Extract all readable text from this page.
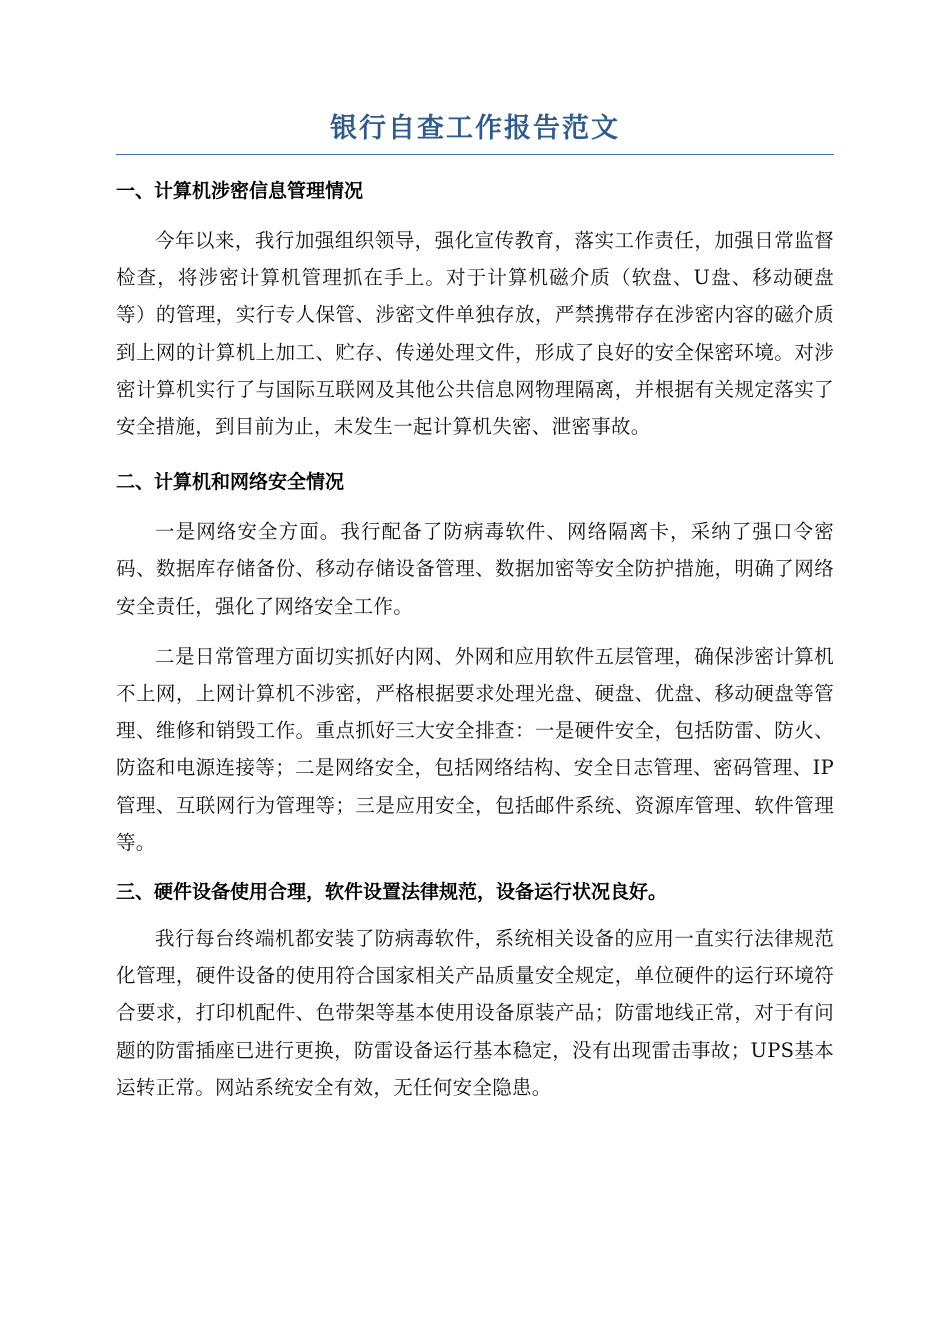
银行自查工作报告范文
一、计算机涉密信息管理情况

今年以来，我行加强组织领导，强化宣传教育，落实工作责任，加强日常监督检查，将涉密计算机管理抓在手上。对于计算机磁介质（软盘、U盘、移动硬盘等）的管理，实行专人保管、涉密文件单独存放，严禁携带存在涉密内容的磁介质到上网的计算机上加工、贮存、传递处理文件，形成了良好的安全保密环境。对涉密计算机实行了与国际互联网及其他公共信息网物理隔离，并根据有关规定落实了安全措施，到目前为止，未发生一起计算机失密、泄密事故。

二、计算机和网络安全情况

一是网络安全方面。我行配备了防病毒软件、网络隔离卡，采纳了强口令密码、数据库存储备份、移动存储设备管理、数据加密等安全防护措施，明确了网络安全责任，强化了网络安全工作。

二是日常管理方面切实抓好内网、外网和应用软件五层管理，确保涉密计算机不上网，上网计算机不涉密，严格根据要求处理光盘、硬盘、优盘、移动硬盘等管理、维修和销毁工作。重点抓好三大安全排查：一是硬件安全，包括防雷、防火、防盗和电源连接等；二是网络安全，包括网络结构、安全日志管理、密码管理、IP管理、互联网行为管理等；三是应用安全，包括邮件系统、资源库管理、软件管理等。

三、硬件设备使用合理，软件设置法律规范，设备运行状况良好。

我行每台终端机都安装了防病毒软件，系统相关设备的应用一直实行法律规范化管理，硬件设备的使用符合国家相关产品质量安全规定，单位硬件的运行环境符合要求，打印机配件、色带架等基本使用设备原装产品；防雷地线正常，对于有问题的防雷插座已进行更换，防雷设备运行基本稳定，没有出现雷击事故；UPS基本运转正常。网站系统安全有效，无任何安全隐患。
